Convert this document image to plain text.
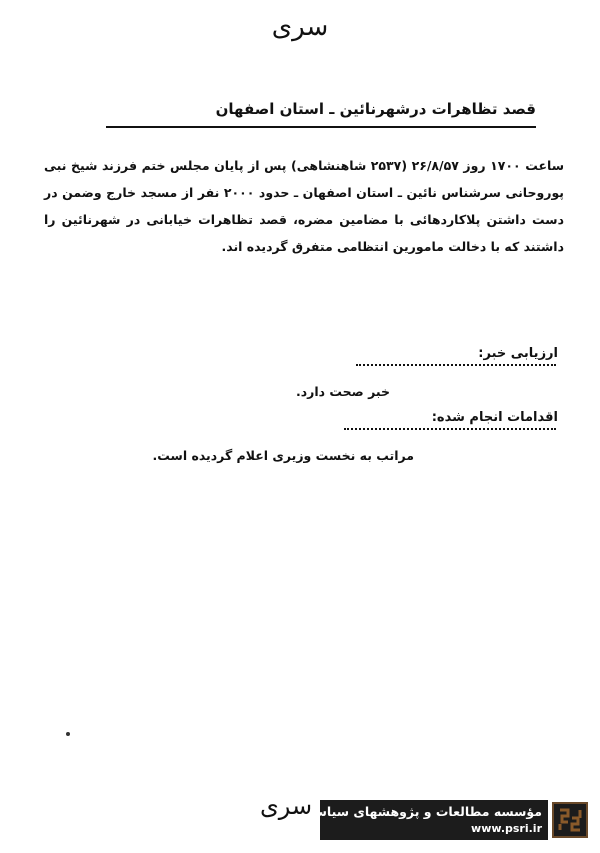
سری
قصد تظاهرات درشهرنائین ـ استان اصفهان
ساعت ۱۷۰۰ روز ۲۶/۸/۵۷ (۲۵۳۷ شاهنشاهی) پس از پایان مجلس ختم فرزند شیخ نبی پوروحانی سرشناس نائین ـ استان اصفهان ـ حدود ۲۰۰۰ نفر از مسجد خارج وضمن در دست داشتن پلاکاردهائی با مضامین مضره، قصد تظاهرات خیابانی در شهرنائین را داشتند که با دخالت مامورین انتظامی متفرق گردیده اند.
ارزیابی خبر:
خبر صحت دارد.
اقدامات انجام شده:
مراتب به نخست وزیری اعلام گردیده است.
سری
مؤسسه مطالعات و پژوهشهای سیاسی
www.psri.ir
